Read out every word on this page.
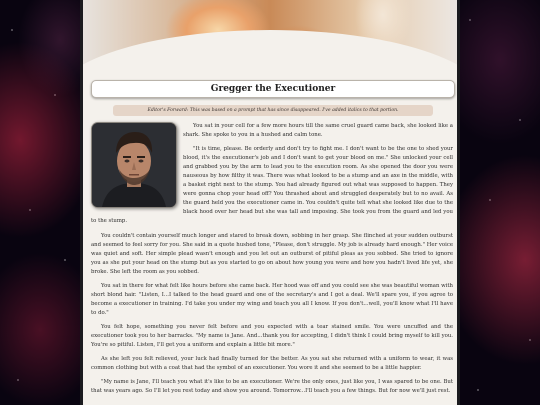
Gregger the Executioner
Editor's Forward: This was based on a prompt that has since disappeared. I've added italics to that portion.

You sat in your cell for a few more hours till the same cruel guard came back, she looked like a shark. She spoke to you in a hushed and calm tone.

"It is time, please. Be orderly and don't try to fight me. I don't want to be the one to shed your blood, it's the executioner's job and I don't want to get your blood on me." She unlocked your cell and grabbed you by the arm to lead you to the execution room. As she opened the door you were nauseous by how filthy it was. There was what looked to be a stump and an axe in the middle, with a basket right next to the stump. You had already figured out what was supposed to happen. They were gonna chop your head off? You thrashed about and struggled desperately but to no avail. As the guard held you the executioner came in. You couldn't quite tell what she looked like due to the black hood over her head but she was tall and imposing. She took you from the guard and led you to the stump.

You couldn't contain yourself much longer and stared to break down, sobbing in her grasp. She flinched at your sudden outburst and seemed to feel sorry for you. She said in a quote hushed tone, "Please, don't struggle. My job is already hard enough." Her voice was quiet and soft. Her simple plead wasn't enough and you let out an outburst of pitiful pleas as you sobbed. She tried to ignore you as she put your head on the stump but as you started to go on about how young you were and how you hadn't lived life yet, she broke. She left the room as you sobbed.

You sat in there for what felt like hours before she came back. Her hood was off and you could see she was beautiful woman with short blond hair. "Listen, I...I talked to the head guard and one of the secretary's and I got a deal. We'll spare you, if you agree to become a executioner in training. I'd take you under my wing and teach you all I know. If you don't...well, you'll know what I'll have to do."

You felt hope, something you never felt before and you expected with a tear stained smile. You were uncuffed and the executioner took you to her barracks. "My name is Jane. And...thank you for accepting, I didn't think I could bring myself to kill you. You're so pitiful. Listen, I'll get you a uniform and explain a little bit more."

As she left you felt relieved, your luck had finally turned for the better. As you sat she returned with a uniform to wear, it was common clothing but with a coat that had the symbol of an executioner. You wore it and she seemed to be a little happier.

"My name is Jane, I'll teach you what it's like to be an executioner. We're the only ones, just like you, I was spared to be one. But that was years ago. So I'll let you rest today and show you around. Tomorrow...I'll teach you a few things. But for now we'll just rest.
